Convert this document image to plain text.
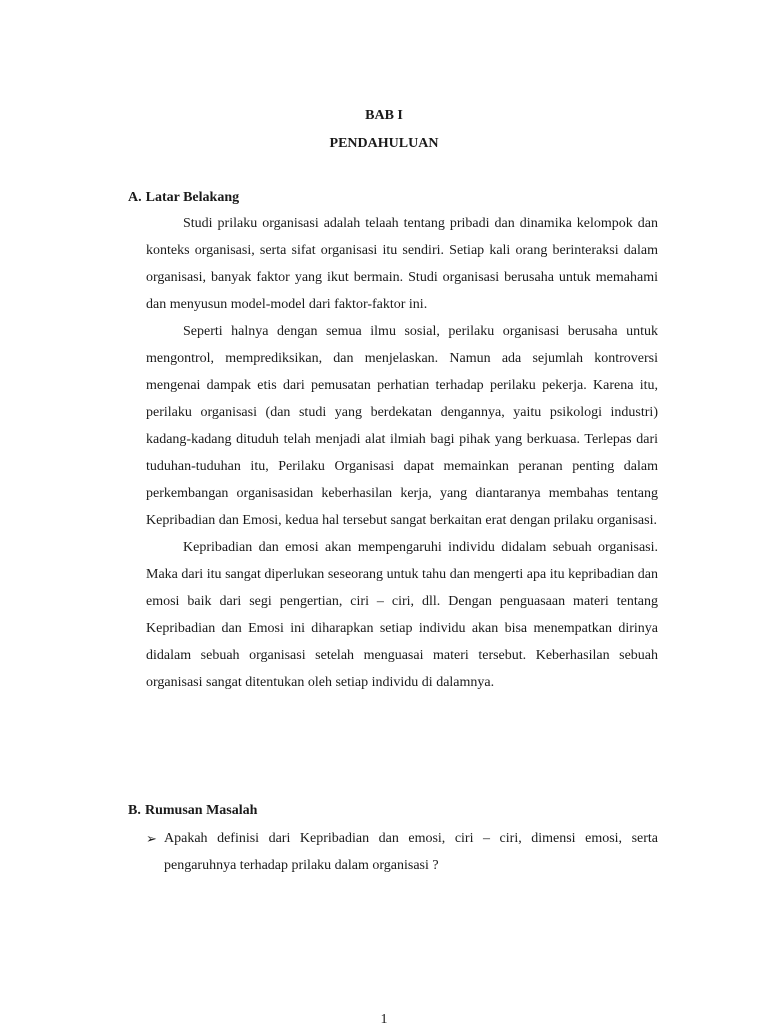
BAB I
PENDAHULUAN
A. Latar Belakang

Studi prilaku organisasi adalah telaah tentang pribadi dan dinamika kelompok dan konteks organisasi, serta sifat organisasi itu sendiri. Setiap kali orang berinteraksi dalam organisasi, banyak faktor yang ikut bermain. Studi organisasi berusaha untuk memahami dan menyusun model-model dari faktor-faktor ini.

Seperti halnya dengan semua ilmu sosial, perilaku organisasi berusaha untuk mengontrol, memprediksikan, dan menjelaskan. Namun ada sejumlah kontroversi mengenai dampak etis dari pemusatan perhatian terhadap perilaku pekerja. Karena itu, perilaku organisasi (dan studi yang berdekatan dengannya, yaitu psikologi industri) kadang-kadang dituduh telah menjadi alat ilmiah bagi pihak yang berkuasa. Terlepas dari tuduhan-tuduhan itu, Perilaku Organisasi dapat memainkan peranan penting dalam perkembangan organisasidan keberhasilan kerja, yang diantaranya membahas tentang Kepribadian dan Emosi, kedua hal tersebut sangat berkaitan erat dengan prilaku organisasi.

Kepribadian dan emosi akan mempengaruhi individu didalam sebuah organisasi. Maka dari itu sangat diperlukan seseorang untuk tahu dan mengerti apa itu kepribadian dan emosi baik dari segi pengertian, ciri – ciri, dll. Dengan penguasaan materi tentang Kepribadian dan Emosi ini diharapkan setiap individu akan bisa menempatkan dirinya didalam sebuah organisasi setelah menguasai materi tersebut. Keberhasilan sebuah organisasi sangat ditentukan oleh setiap individu di dalamnya.

B. Rumusan Masalah
➢ Apakah definisi dari Kepribadian dan emosi, ciri – ciri, dimensi emosi, serta pengaruhnya terhadap prilaku dalam organisasi ?
1
